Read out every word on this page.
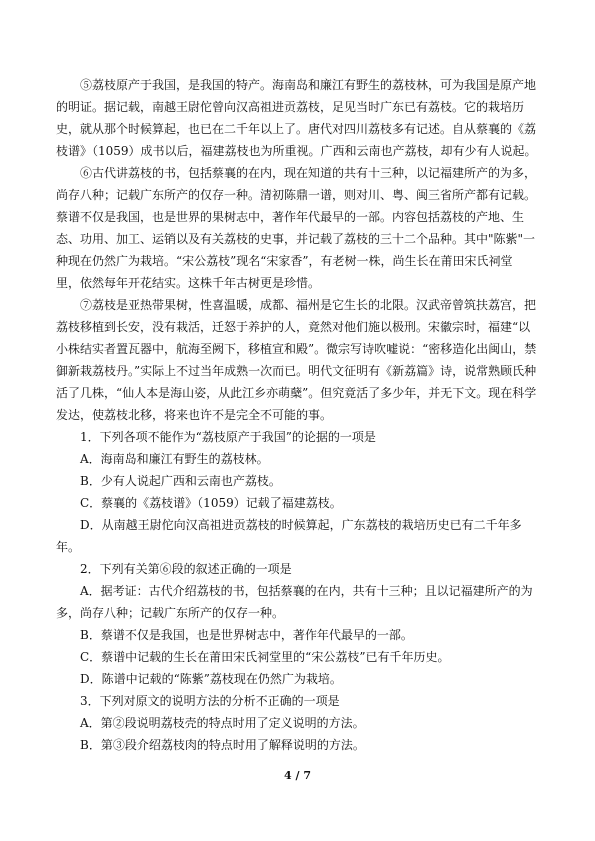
⑤荔枝原产于我国，是我国的特产。海南岛和廉江有野生的荔枝林，可为我国是原产地
的明证。据记载，南越王尉佗曾向汉高祖进贡荔枝，足见当时广东已有荔枝。它的栽培历
史，就从那个时候算起，也已在二千年以上了。唐代对四川荔枝多有记述。自从蔡襄的《荔
枝谱》（1059）成书以后，福建荔枝也为所重视。广西和云南也产荔枝，却有少有人说起。

⑥古代讲荔枝的书，包括蔡襄的在内，现在知道的共有十三种，以记福建所产的为多，
尚存八种；记载广东所产的仅存一种。清初陈鼎一谱，则对川、粤、闽三省所产都有记载。
蔡谱不仅是我国，也是世界的果树志中，著作年代最早的一部。内容包括荔枝的产地、生
态、功用、加工、运销以及有关荔枝的史事，并记载了荔枝的三十二个品种。其中"陈紫"一
种现在仍然广为栽培。“宋公荔枝”现名“宋家香”，有老树一株，尚生长在莆田宋氏祠堂
里，依然每年开花结实。这株千年古树更是珍惜。

⑦荔枝是亚热带果树，性喜温暖，成都、福州是它生长的北限。汉武帝曾筑扶荔宫，把
荔枝移植到长安，没有栽活，迁怒于养护的人，竟然对他们施以极刑。宋徽宗时，福建“以
小株结实者置瓦器中，航海至阙下，移植宣和殿”。微宗写诗吹嘘说：“密移造化出闽山，禁
御新栽荔枝丹。”实际上不过当年成熟一次而已。明代文征明有《新荔篇》诗，说常熟顾氏种
活了几株，“仙人本是海山姿，从此江乡亦萌蘖”。但究竟活了多少年，并无下文。现在科学
发达，使荔枝北移，将来也许不是完全不可能的事。

1．下列各项不能作为“荔枝原产于我国”的论据的一项是

A．海南岛和廉江有野生的荔枝林。

B．少有人说起广西和云南也产荔枝。

C．蔡襄的《荔枝谱》（1059）记载了福建荔枝。

D．从南越王尉佗向汉高祖进贡荔枝的时候算起，广东荔枝的栽培历史已有二千年多
年。

2．下列有关第⑥段的叙述正确的一项是

A．据考证：古代介绍荔枝的书，包括蔡襄的在内，共有十三种；且以记福建所产的为
多，尚存八种；记载广东所产的仅存一种。

B．蔡谱不仅是我国，也是世界树志中，著作年代最早的一部。

C．蔡谱中记载的生长在莆田宋氏祠堂里的“宋公荔枝”已有千年历史。

D．陈谱中记载的“陈紫”荔枝现在仍然广为栽培。

3．下列对原文的说明方法的分析不正确的一项是

A．第②段说明荔枝壳的特点时用了定义说明的方法。

B．第③段介绍荔枝肉的特点时用了解释说明的方法。

4 / 7
